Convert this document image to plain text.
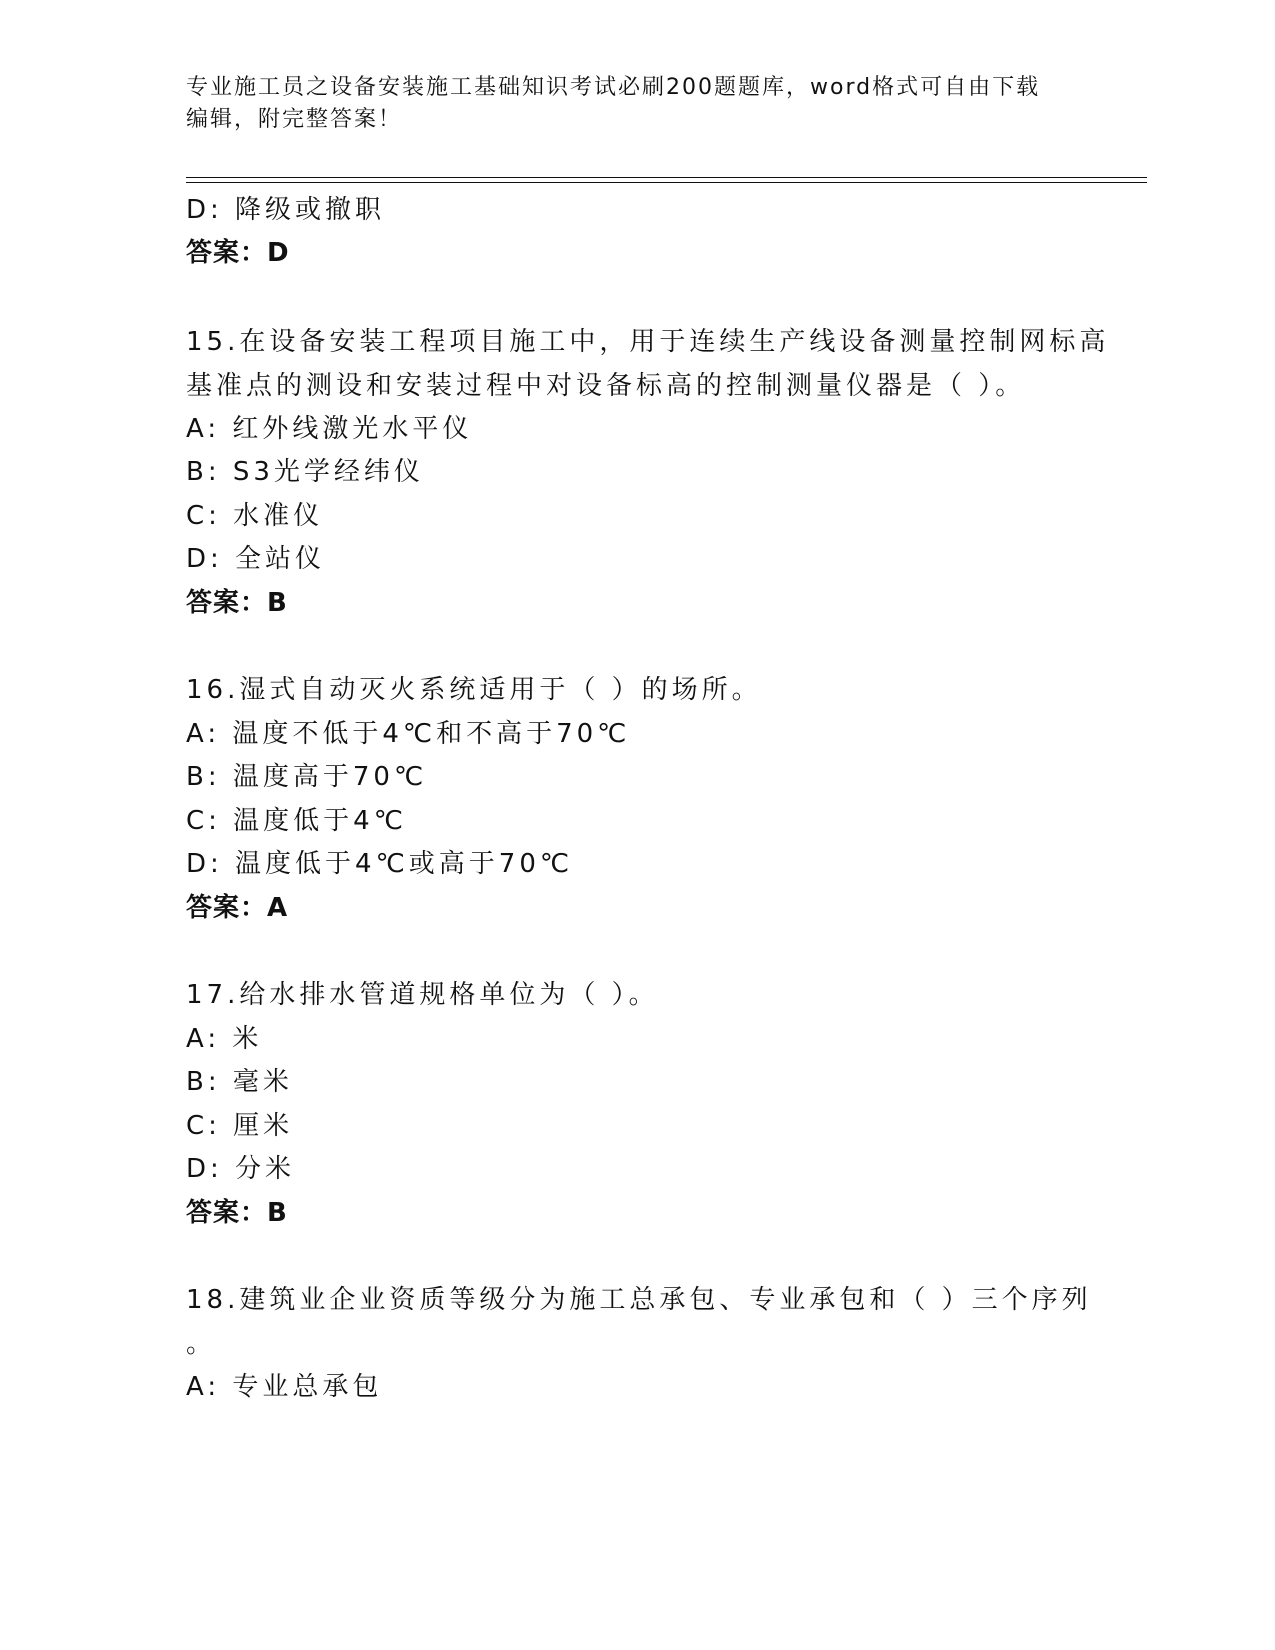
专业施工员之设备安装施工基础知识考试必刷200题题库，word格式可自由下载
编辑，附完整答案！
D: 降级或撤职
答案：D
15.在设备安装工程项目施工中，用于连续生产线设备测量控制网标高
基准点的测设和安装过程中对设备标高的控制测量仪器是（ ）。
A: 红外线激光水平仪
B: S3光学经纬仪
C: 水准仪
D: 全站仪
答案：B
16.湿式自动灭火系统适用于（ ）的场所。
A: 温度不低于4℃和不高于70℃
B: 温度高于70℃
C: 温度低于4℃
D: 温度低于4℃或高于70℃
答案：A
17.给水排水管道规格单位为（ ）。
A: 米
B: 毫米
C: 厘米
D: 分米
答案：B
18.建筑业企业资质等级分为施工总承包、专业承包和（ ）三个序列
。
A: 专业总承包
